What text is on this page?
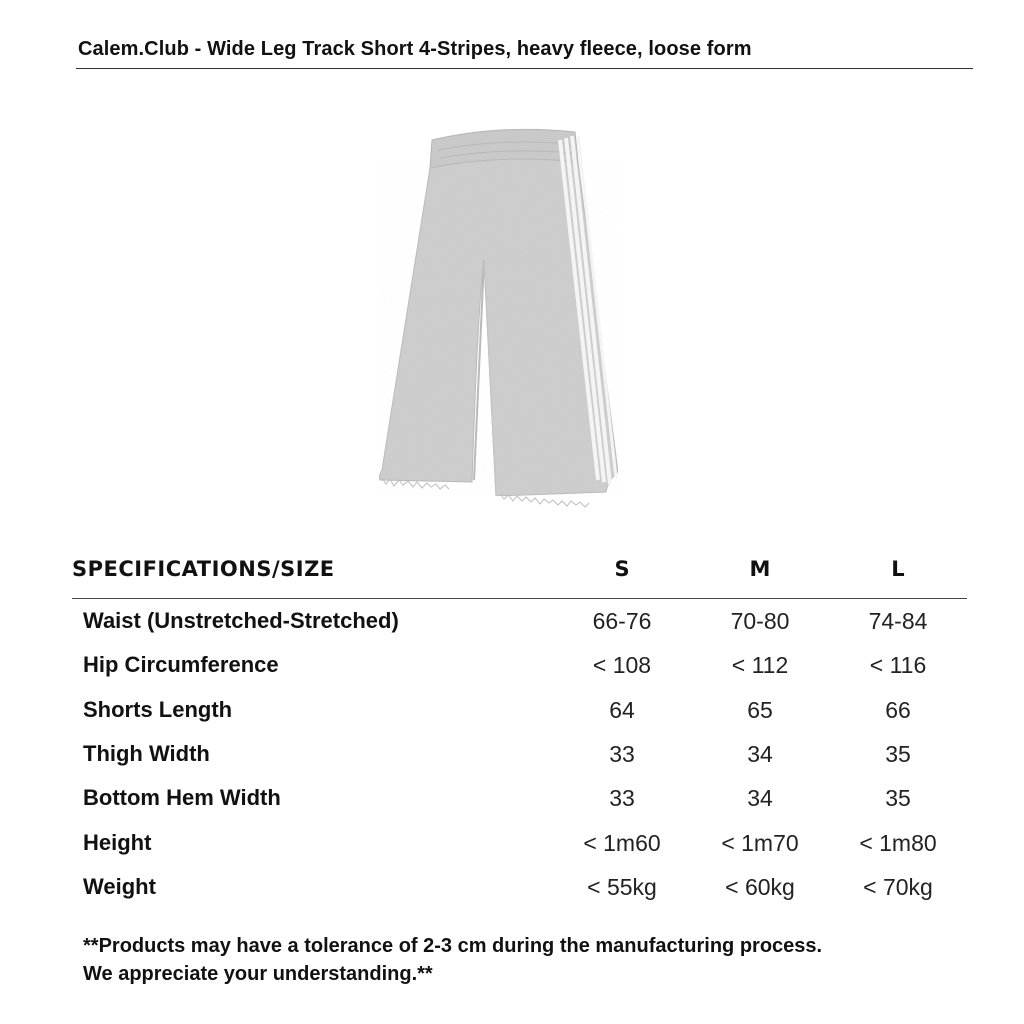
Calem.Club - Wide Leg Track Short 4-Stripes, heavy fleece, loose form
SPECIFICATIONS/SIZE	S	M	L
Waist (Unstretched-Stretched)	66-76	70-80	74-84
Hip Circumference	< 108	< 112	< 116
Shorts Length	64	65	66
Thigh Width	33	34	35
Bottom Hem Width	33	34	35
Height	< 1m60	< 1m70	< 1m80
Weight	< 55kg	< 60kg	< 70kg
**Products may have a tolerance of 2-3 cm during the manufacturing process.
We appreciate your understanding.**
